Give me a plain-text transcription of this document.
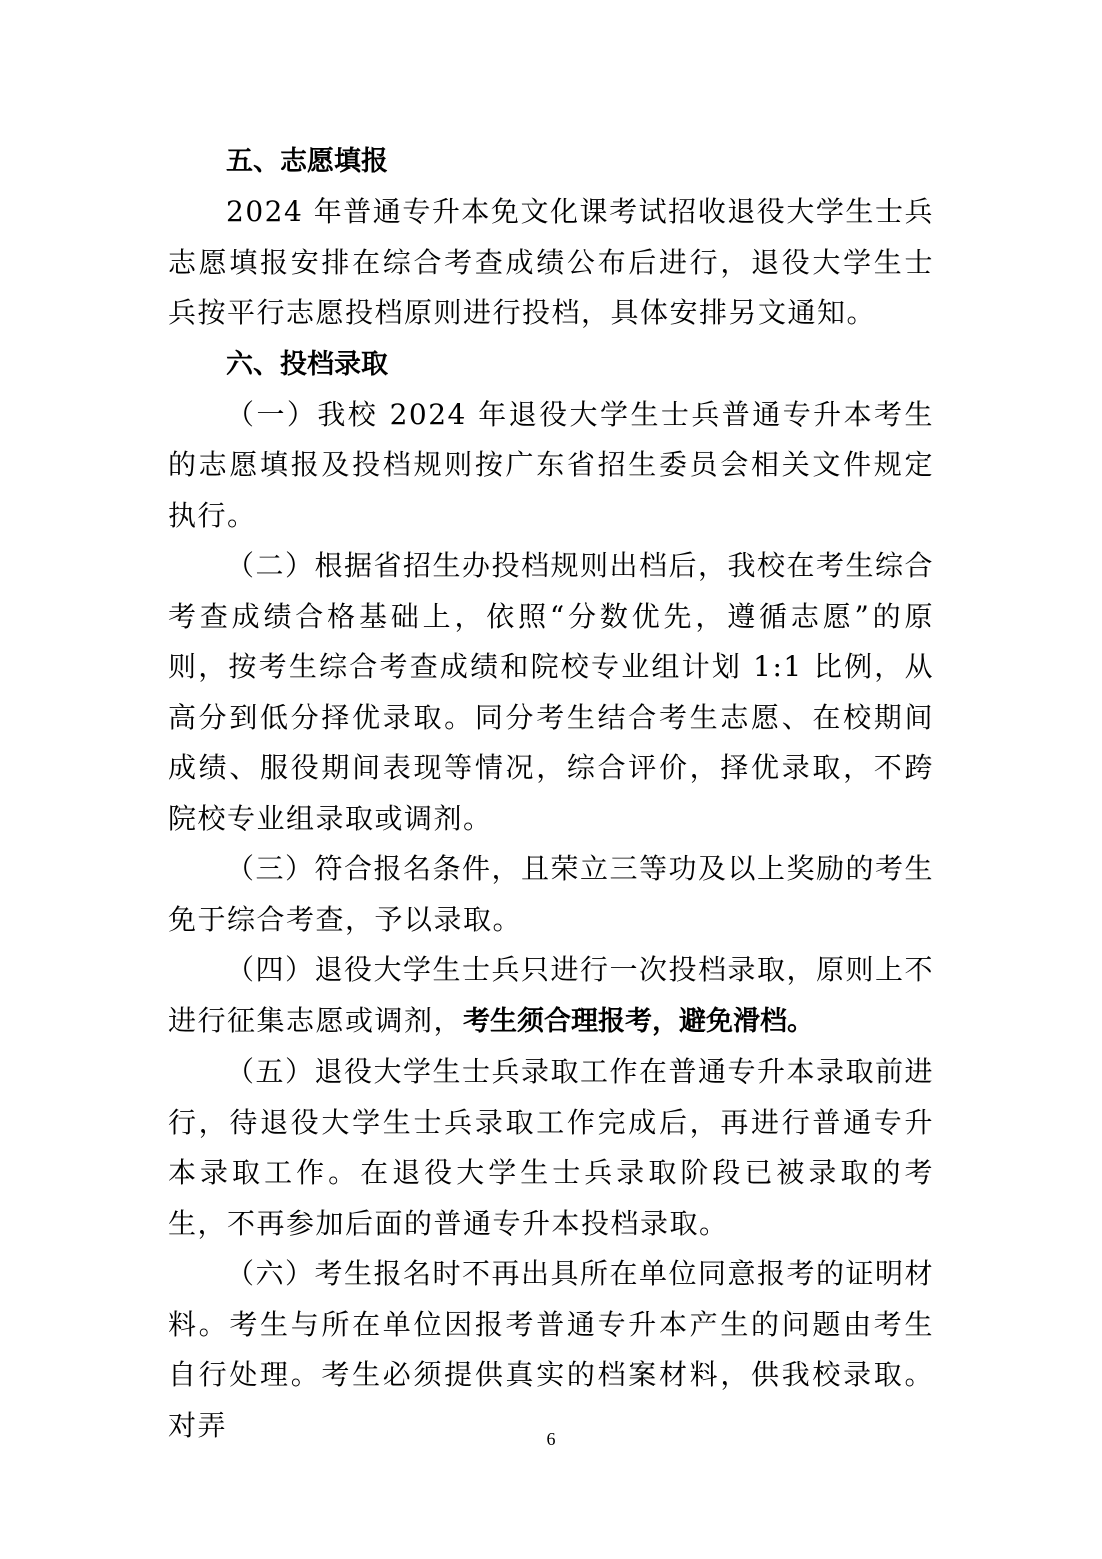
五、志愿填报

2024 年普通专升本免文化课考试招收退役大学生士兵志愿填报安排在综合考查成绩公布后进行，退役大学生士兵按平行志愿投档原则进行投档，具体安排另文通知。

六、投档录取

（一）我校 2024 年退役大学生士兵普通专升本考生的志愿填报及投档规则按广东省招生委员会相关文件规定执行。

（二）根据省招生办投档规则出档后，我校在考生综合考查成绩合格基础上，依照“分数优先，遵循志愿”的原则，按考生综合考查成绩和院校专业组计划 1:1 比例，从高分到低分择优录取。同分考生结合考生志愿、在校期间成绩、服役期间表现等情况，综合评价，择优录取，不跨院校专业组录取或调剂。

（三）符合报名条件，且荣立三等功及以上奖励的考生免于综合考查，予以录取。

（四）退役大学生士兵只进行一次投档录取，原则上不进行征集志愿或调剂，考生须合理报考，避免滑档。

（五）退役大学生士兵录取工作在普通专升本录取前进行，待退役大学生士兵录取工作完成后，再进行普通专升本录取工作。在退役大学生士兵录取阶段已被录取的考生，不再参加后面的普通专升本投档录取。

（六）考生报名时不再出具所在单位同意报考的证明材料。考生与所在单位因报考普通专升本产生的问题由考生自行处理。考生必须提供真实的档案材料，供我校录取。对弄	6
